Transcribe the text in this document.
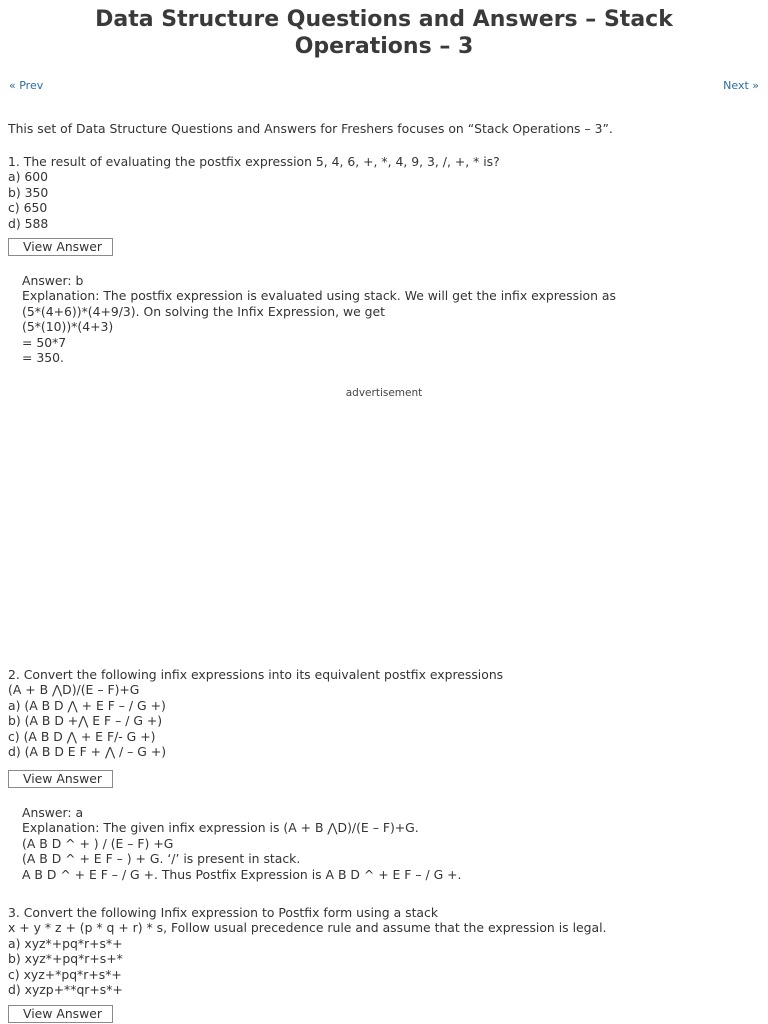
Data Structure Questions and Answers – Stack Operations – 3
« Prev	Next »
This set of Data Structure Questions and Answers for Freshers focuses on “Stack Operations – 3”.
1. The result of evaluating the postfix expression 5, 4, 6, +, *, 4, 9, 3, /, +, * is?
a) 600
b) 350
c) 650
d) 588
View Answer
Answer: b
Explanation: The postfix expression is evaluated using stack. We will get the infix expression as
(5*(4+6))*(4+9/3). On solving the Infix Expression, we get
(5*(10))*(4+3)
= 50*7
= 350.
advertisement
2. Convert the following infix expressions into its equivalent postfix expressions
(A + B ⋀D)/(E – F)+G
a) (A B D ⋀ + E F – / G +)
b) (A B D +⋀ E F – / G +)
c) (A B D ⋀ + E F/- G +)
d) (A B D E F + ⋀ / – G +)
View Answer
Answer: a
Explanation: The given infix expression is (A + B ⋀D)/(E – F)+G.
(A B D ^ + ) / (E – F) +G
(A B D ^ + E F – ) + G. ‘/’ is present in stack.
A B D ^ + E F – / G +. Thus Postfix Expression is A B D ^ + E F – / G +.
3. Convert the following Infix expression to Postfix form using a stack
x + y * z + (p * q + r) * s, Follow usual precedence rule and assume that the expression is legal.
a) xyz*+pq*r+s*+
b) xyz*+pq*r+s+*
c) xyz+*pq*r+s*+
d) xyzp+**qr+s*+
View Answer
